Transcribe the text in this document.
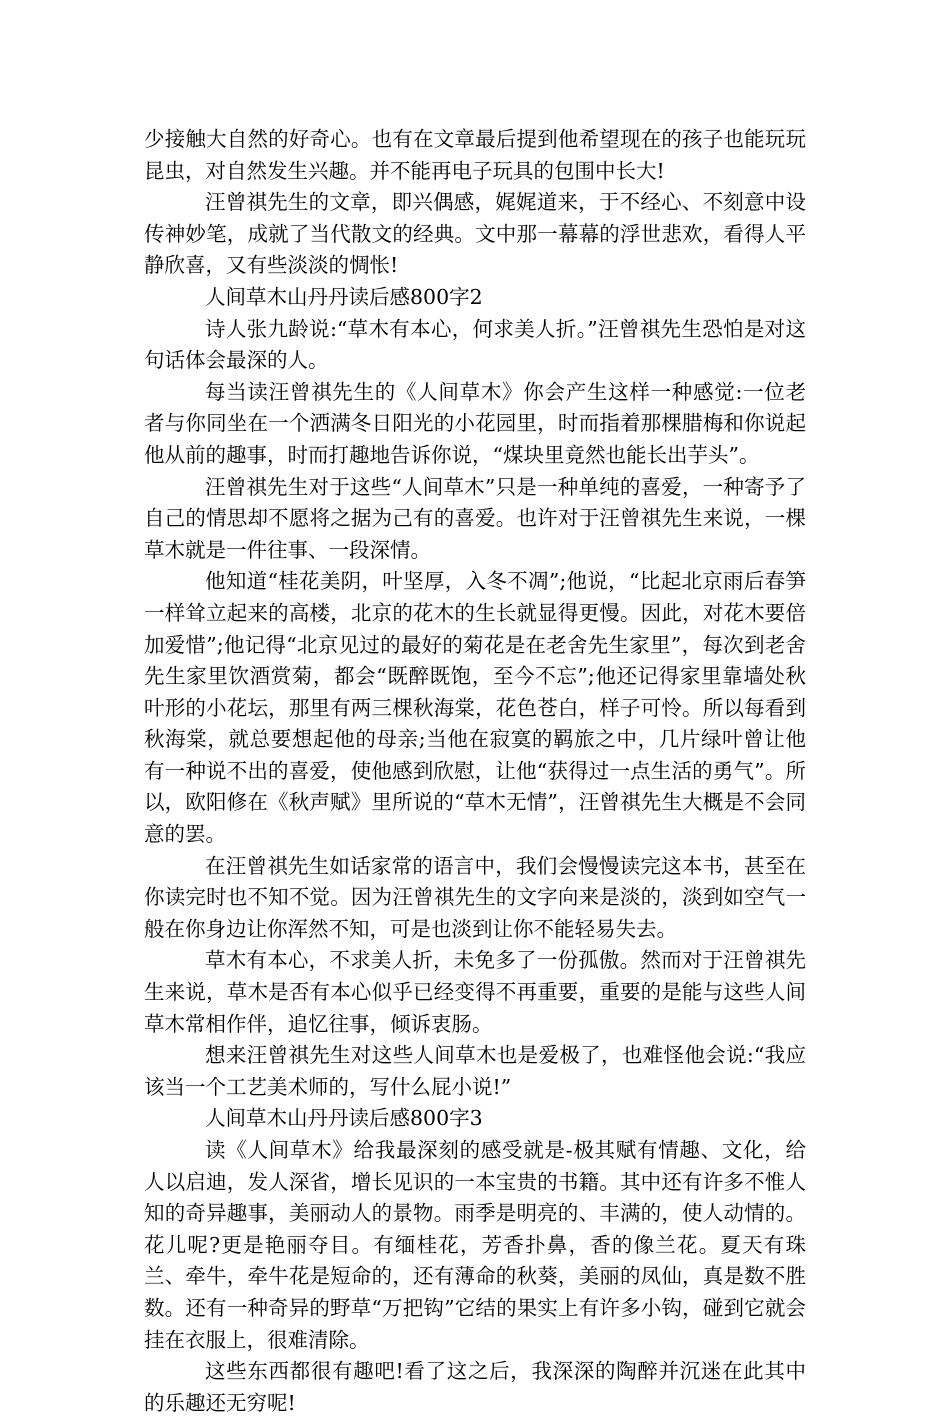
少接触大自然的好奇心。也有在文章最后提到他希望现在的孩子也能玩玩昆虫，对自然发生兴趣。并不能再电子玩具的包围中长大!

汪曾祺先生的文章，即兴偶感，娓娓道来，于不经心、不刻意中设传神妙笔，成就了当代散文的经典。文中那一幕幕的浮世悲欢，看得人平静欣喜，又有些淡淡的惆怅!

人间草木山丹丹读后感800字2

诗人张九龄说:“草木有本心，何求美人折。”汪曾祺先生恐怕是对这句话体会最深的人。

每当读汪曾祺先生的《人间草木》你会产生这样一种感觉:一位老者与你同坐在一个洒满冬日阳光的小花园里，时而指着那棵腊梅和你说起他从前的趣事，时而打趣地告诉你说，“煤块里竟然也能长出芋头”。

汪曾祺先生对于这些“人间草木”只是一种单纯的喜爱，一种寄予了自己的情思却不愿将之据为己有的喜爱。也许对于汪曾祺先生来说，一棵草木就是一件往事、一段深情。

他知道“桂花美阴，叶坚厚，入冬不凋”;他说，“比起北京雨后春笋一样耸立起来的高楼，北京的花木的生长就显得更慢。因此，对花木要倍加爱惜”;他记得“北京见过的最好的菊花是在老舍先生家里”，每次到老舍先生家里饮酒赏菊，都会“既醉既饱，至今不忘”;他还记得家里靠墙处秋叶形的小花坛，那里有两三棵秋海棠，花色苍白，样子可怜。所以每看到秋海棠，就总要想起他的母亲;当他在寂寞的羁旅之中，几片绿叶曾让他有一种说不出的喜爱，使他感到欣慰，让他“获得过一点生活的勇气”。所以，欧阳修在《秋声赋》里所说的“草木无情”，汪曾祺先生大概是不会同意的罢。

在汪曾祺先生如话家常的语言中，我们会慢慢读完这本书，甚至在你读完时也不知不觉。因为汪曾祺先生的文字向来是淡的，淡到如空气一般在你身边让你浑然不知，可是也淡到让你不能轻易失去。

草木有本心，不求美人折，未免多了一份孤傲。然而对于汪曾祺先生来说，草木是否有本心似乎已经变得不再重要，重要的是能与这些人间草木常相作伴，追忆往事，倾诉衷肠。

想来汪曾祺先生对这些人间草木也是爱极了，也难怪他会说:“我应该当一个工艺美术师的，写什么屁小说!”

人间草木山丹丹读后感800字3

读《人间草木》给我最深刻的感受就是-极其赋有情趣、文化，给人以启迪，发人深省，增长见识的一本宝贵的书籍。其中还有许多不惟人知的奇异趣事，美丽动人的景物。雨季是明亮的、丰满的，使人动情的。花儿呢?更是艳丽夺目。有缅桂花，芳香扑鼻，香的像兰花。夏天有珠兰、牵牛，牵牛花是短命的，还有薄命的秋葵，美丽的凤仙，真是数不胜数。还有一种奇异的野草“万把钩”它结的果实上有许多小钩，碰到它就会挂在衣服上，很难清除。

这些东西都很有趣吧!看了这之后，我深深的陶醉并沉迷在此其中的乐趣还无穷呢!
